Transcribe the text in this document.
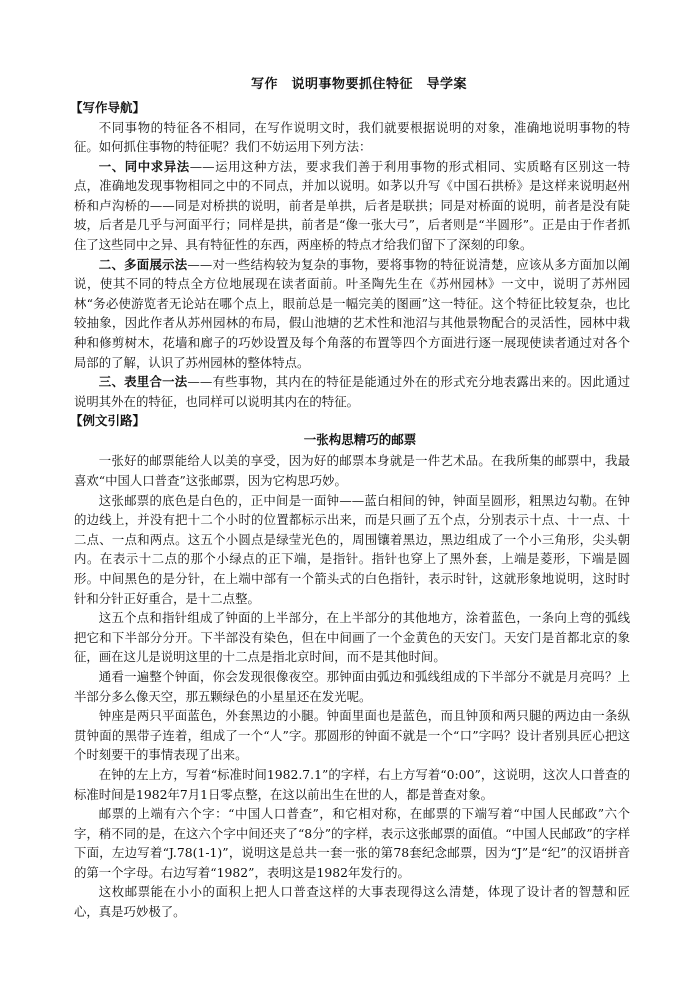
写作　说明事物要抓住特征　导学案
【写作导航】

不同事物的特征各不相同，在写作说明文时，我们就要根据说明的对象，准确地说明事物的特征。如何抓住事物的特征呢？我们不妨运用下列方法：

一、同中求异法——运用这种方法，要求我们善于利用事物的形式相同、实质略有区别这一特点，准确地发现事物相同之中的不同点，并加以说明。如茅以升写《中国石拱桥》是这样来说明赵州桥和卢沟桥的——同是对桥拱的说明，前者是单拱，后者是联拱；同是对桥面的说明，前者是没有陡坡，后者是几乎与河面平行；同样是拱，前者是“像一张大弓”，后者则是“半圆形”。正是由于作者抓住了这些同中之异、具有特征性的东西，两座桥的特点才给我们留下了深刻的印象。

二、多面展示法——对一些结构较为复杂的事物，要将事物的特征说清楚，应该从多方面加以阐说，使其不同的特点全方位地展现在读者面前。叶圣陶先生在《苏州园林》一文中，说明了苏州园林“务必使游览者无论站在哪个点上，眼前总是一幅完美的图画”这一特征。这个特征比较复杂，也比较抽象，因此作者从苏州园林的布局，假山池塘的艺术性和池沼与其他景物配合的灵活性，园林中栽种和修剪树木，花墙和廊子的巧妙设置及每个角落的布置等四个方面进行逐一展现使读者通过对各个局部的了解，认识了苏州园林的整体特点。

三、表里合一法——有些事物，其内在的特征是能通过外在的形式充分地表露出来的。因此通过说明其外在的特征，也同样可以说明其内在的特征。

【例文引路】
一张构思精巧的邮票

一张好的邮票能给人以美的享受，因为好的邮票本身就是一件艺术品。在我所集的邮票中，我最喜欢“中国人口普查”这张邮票，因为它构思巧妙。

这张邮票的底色是白色的，正中间是一面钟——蓝白相间的钟，钟面呈圆形，粗黑边勾勒。在钟的边线上，并没有把十二个小时的位置都标示出来，而是只画了五个点，分别表示十点、十一点、十二点、一点和两点。这五个小圆点是绿莹光色的，周围镶着黑边，黑边组成了一个小三角形，尖头朝内。在表示十二点的那个小绿点的正下端，是指针。指针也穿上了黑外套，上端是菱形，下端是圆形。中间黑色的是分针，在上端中部有一个箭头式的白色指针，表示时针，这就形象地说明，这时时针和分针正好重合，是十二点整。

这五个点和指针组成了钟面的上半部分，在上半部分的其他地方，涂着蓝色，一条向上弯的弧线把它和下半部分分开。下半部没有染色，但在中间画了一个金黄色的天安门。天安门是首都北京的象征，画在这儿是说明这里的十二点是指北京时间，而不是其他时间。

通看一遍整个钟面，你会发现很像夜空。那钟面由弧边和弧线组成的下半部分不就是月亮吗？上半部分多么像天空，那五颗绿色的小星星还在发光呢。

钟座是两只平面蓝色，外套黑边的小腿。钟面里面也是蓝色，而且钟顶和两只腿的两边由一条纵贯钟面的黑带子连着，组成了一个“人”字。那圆形的钟面不就是一个“口”字吗？设计者别具匠心把这个时刻要干的事情表现了出来。

在钟的左上方，写着“标准时间1982.7.1”的字样，右上方写着“0:00”，这说明，这次人口普查的标准时间是1982年7月1日零点整，在这以前出生在世的人，都是普查对象。

邮票的上端有六个字：“中国人口普查”，和它相对称，在邮票的下端写着“中国人民邮政”六个字，稍不同的是，在这六个字中间还夹了“8分”的字样，表示这张邮票的面值。“中国人民邮政”的字样下面，左边写着“J.78(1-1)”，说明这是总共一套一张的第78套纪念邮票，因为“J”是“纪”的汉语拼音的第一个字母。右边写着“1982”，表明这是1982年发行的。

这枚邮票能在小小的面积上把人口普查这样的大事表现得这么清楚，体现了设计者的智慧和匠心，真是巧妙极了。
